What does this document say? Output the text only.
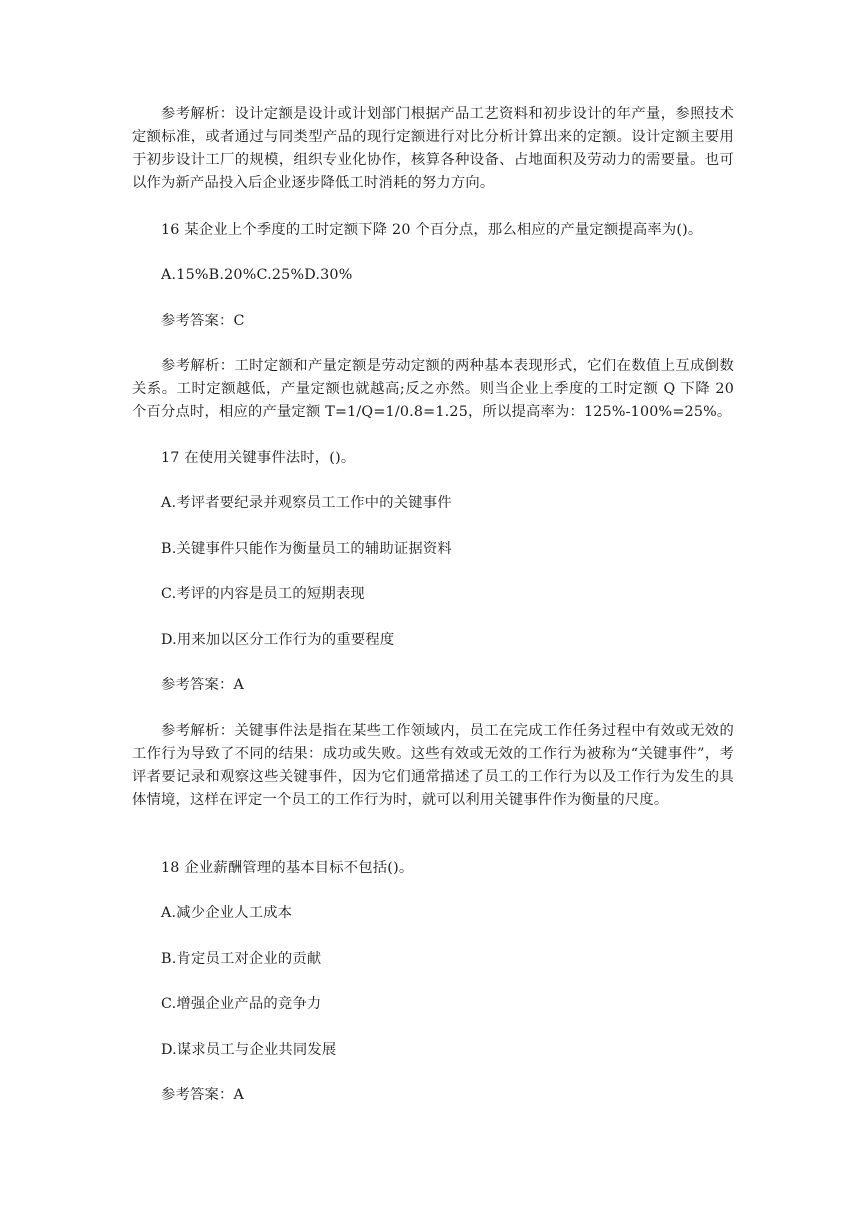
参考解析：设计定额是设计或计划部门根据产品工艺资料和初步设计的年产量，参照技术定额标准，或者通过与同类型产品的现行定额进行对比分析计算出来的定额。设计定额主要用于初步设计工厂的规模，组织专业化协作，核算各种设备、占地面积及劳动力的需要量。也可以作为新产品投入后企业逐步降低工时消耗的努力方向。
16 某企业上个季度的工时定额下降 20 个百分点，那么相应的产量定额提高率为()。
A.15%B.20%C.25%D.30%
参考答案：C
参考解析：工时定额和产量定额是劳动定额的两种基本表现形式，它们在数值上互成倒数关系。工时定额越低，产量定额也就越高;反之亦然。则当企业上季度的工时定额 Q 下降 20 个百分点时，相应的产量定额 T=1/Q=1/0.8=1.25，所以提高率为：125%-100%=25%。
17 在使用关键事件法时，()。
A.考评者要纪录并观察员工工作中的关键事件
B.关键事件只能作为衡量员工的辅助证据资料
C.考评的内容是员工的短期表现
D.用来加以区分工作行为的重要程度
参考答案：A
参考解析：关键事件法是指在某些工作领域内，员工在完成工作任务过程中有效或无效的工作行为导致了不同的结果：成功或失败。这些有效或无效的工作行为被称为“关键事件”，考评者要记录和观察这些关键事件，因为它们通常描述了员工的工作行为以及工作行为发生的具体情境，这样在评定一个员工的工作行为时，就可以利用关键事件作为衡量的尺度。
18 企业薪酬管理的基本目标不包括()。
A.减少企业人工成本
B.肯定员工对企业的贡献
C.增强企业产品的竞争力
D.谋求员工与企业共同发展
参考答案：A
